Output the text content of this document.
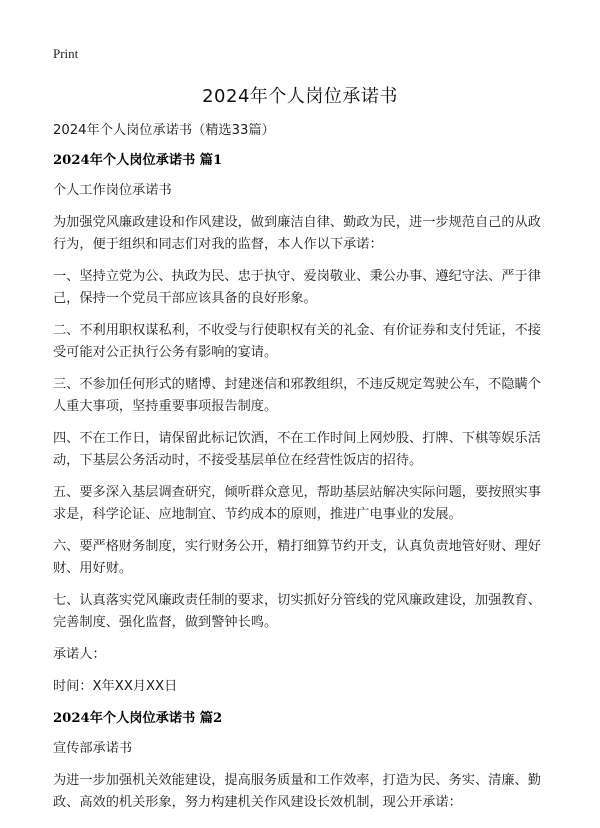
Print
2024年个人岗位承诺书

2024年个人岗位承诺书（精选33篇）

2024年个人岗位承诺书 篇1

个人工作岗位承诺书

为加强党风廉政建设和作风建设，做到廉洁自律、勤政为民，进一步规范自己的从政行为，便于组织和同志们对我的监督，本人作以下承诺：

一、坚持立党为公、执政为民、忠于执守、爱岗敬业、秉公办事、遵纪守法、严于律己，保持一个党员干部应该具备的良好形象。

二、不利用职权谋私利，不收受与行使职权有关的礼金、有价证券和支付凭证，不接受可能对公正执行公务有影响的宴请。

三、不参加任何形式的赌博、封建迷信和邪教组织，不违反规定驾驶公车，不隐瞒个人重大事项，坚持重要事项报告制度。

四、不在工作日，请保留此标记饮酒，不在工作时间上网炒股、打牌、下棋等娱乐活动，下基层公务活动时，不接受基层单位在经营性饭店的招待。

五、要多深入基层调查研究，倾听群众意见，帮助基层站解决实际问题，要按照实事求是，科学论证、应地制宜、节约成本的原则，推进广电事业的发展。

六、要严格财务制度，实行财务公开，精打细算节约开支，认真负责地管好财、理好财、用好财。

七、认真落实党风廉政责任制的要求，切实抓好分管线的党风廉政建设，加强教育、完善制度、强化监督，做到警钟长鸣。

承诺人：

时间：X年XX月XX日

2024年个人岗位承诺书 篇2

宣传部承诺书

为进一步加强机关效能建设，提高服务质量和工作效率，打造为民、务实、清廉、勤政、高效的机关形象，努力构建机关作风建设长效机制，现公开承诺：
